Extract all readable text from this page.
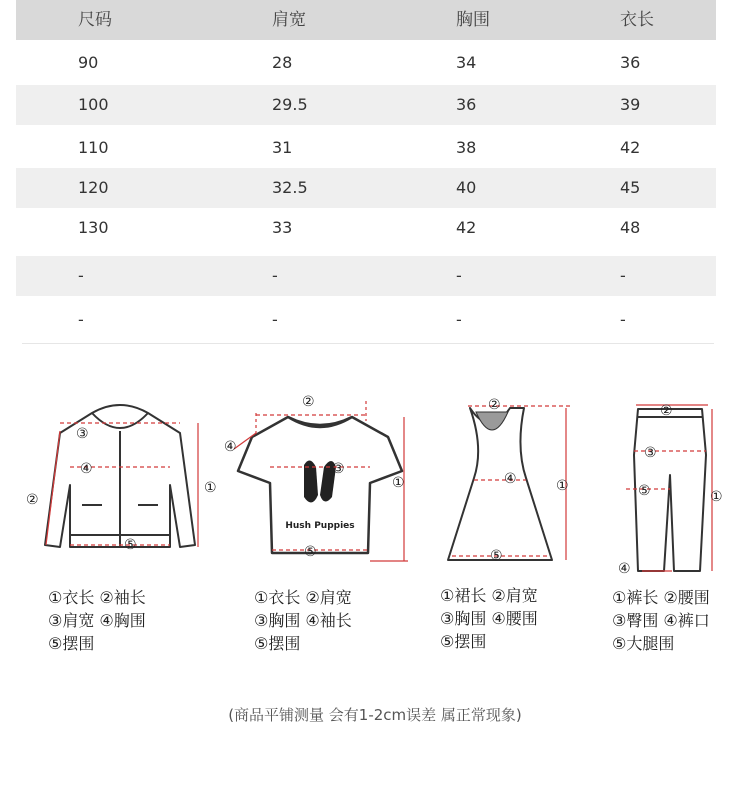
尺码	肩宽	胸围	衣长
90	28	34	36
100	29.5	36	39
110	31	38	42
120	32.5	40	45
130	33	42	48
-	-	-	-
-	-	-	-
①
②
③
④
⑤
①衣长 ②袖长
③肩宽 ④胸围
⑤摆围
Hush Puppies
②
④
③
①
⑤
①衣长 ②肩宽
③胸围 ④袖长
⑤摆围
②
④	①
⑤
①裙长 ②肩宽
③胸围 ④腰围
⑤摆围
②
③
⑤	①
④
①裤长 ②腰围
③臀围 ④裤口
⑤大腿围
(商品平铺测量 会有1-2cm误差 属正常现象)
